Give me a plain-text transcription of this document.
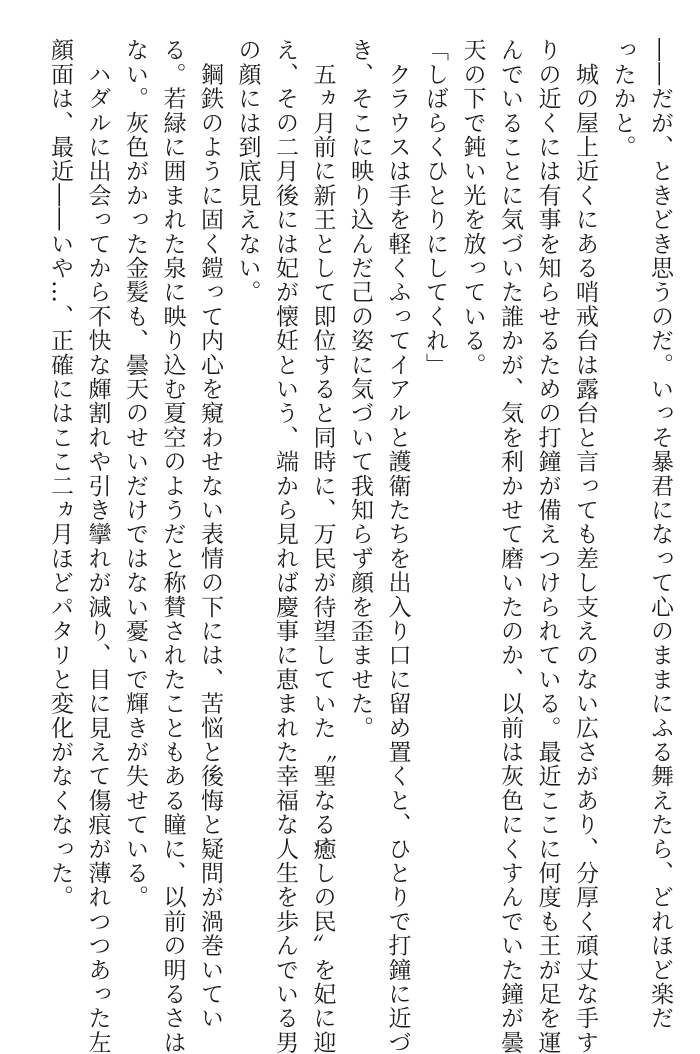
――だが、ときどき思うのだ。いっそ暴君になって心のままにふる舞えたら、どれほど楽だ
ったかと。
　城の屋上近くにある哨戒台は露台と言っても差し支えのない広さがあり、分厚く頑丈な手す
りの近くには有事を知らせるための打鐘が備えつけられている。最近ここに何度も王が足を運
んでいることに気づいた誰かが、気を利かせて磨いたのか、以前は灰色にくすんでいた鐘が曇
天の下で鈍い光を放っている。
「しばらくひとりにしてくれ」
　クラウスは手を軽くふってイアルと護衛たちを出入り口に留め置くと、ひとりで打鐘に近づ
き、そこに映り込んだ己の姿に気づいて我知らず顔を歪ませた。
　五ヵ月前に新王として即位すると同時に、万民が待望していた〝聖なる癒しの民〟を妃に迎
え、その二月後には妃が懐妊という、端から見れば慶事に恵まれた幸福な人生を歩んでいる男
の顔には到底見えない。
　鋼鉄のように固く鎧って内心を窺わせない表情の下には、苦悩と後悔と疑問が渦巻いてい
る。若緑に囲まれた泉に映り込む夏空のようだと称賛されたこともある瞳に、以前の明るさは
ない。灰色がかった金髪も、曇天のせいだけではない憂いで輝きが失せている。
　ハダルに出会ってから不快な皹割れや引き攣れが減り、目に見えて傷痕が薄れつつあった左
顔面は、最近――いや…、正確にはここ二ヵ月ほどパタリと変化がなくなった。
